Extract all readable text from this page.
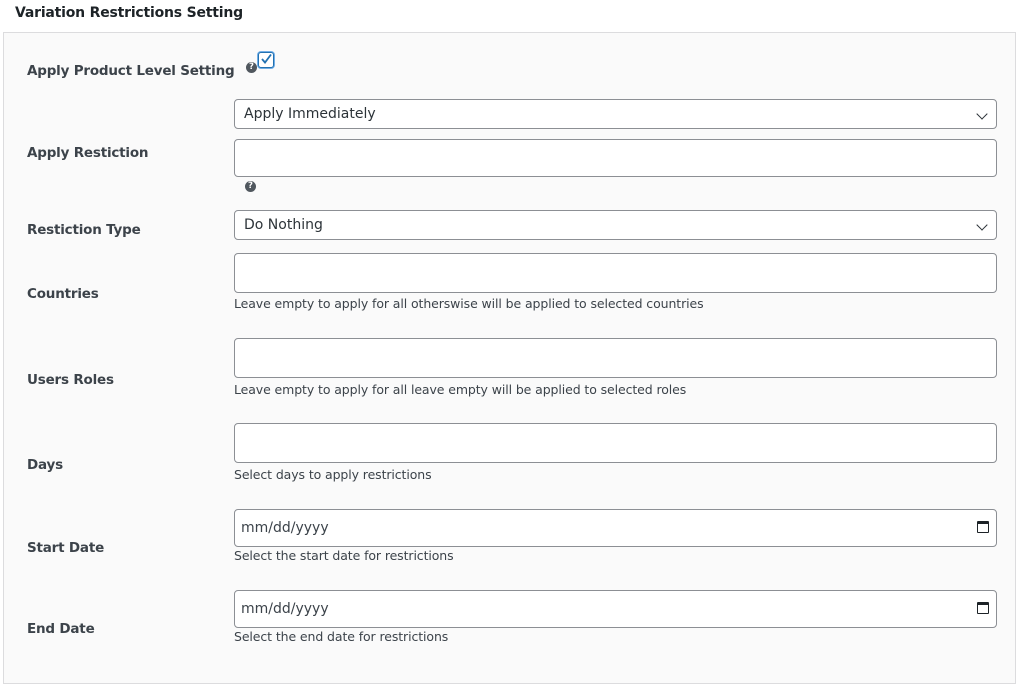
Variation Restrictions Setting
Apply Product Level Setting	?
Apply Immediately
Apply Restiction
?
Restiction Type	Do Nothing
Countries
Leave empty to apply for all otherswise will be applied to selected countries
Users Roles
Leave empty to apply for all leave empty will be applied to selected roles
Days
Select days to apply restrictions
Start Date
mm/dd/yyyy
Select the start date for restrictions
End Date
mm/dd/yyyy
Select the end date for restrictions
